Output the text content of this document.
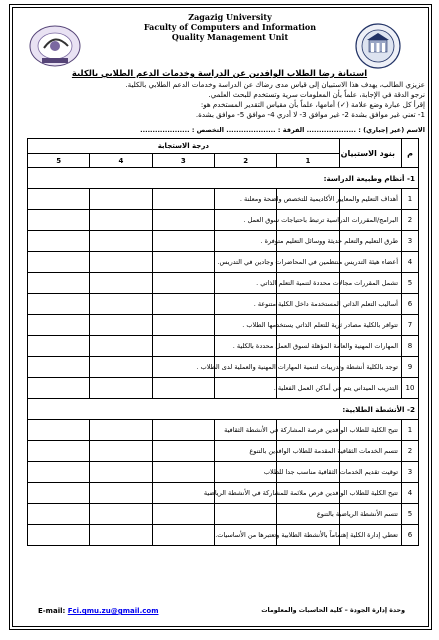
Zagazig University
Faculty of Computers and Information
Quality Management Unit
استبانة رضا الطلاب الوافدين عن الدراسة وخدمات الدعم الطلابي بالكلية
عزيزي الطالب، يهدف هذا الاستبيان إلى قياس مدى رضاك عن الدراسة وخدمات الدعم الطلابي بالكلية.
نرجو الدقة في الإجابة، علماً بأن المعلومات سرية وتستخدم للبحث العلمي.
إقرأ كل عبارة وضع علامة (✓) أمامها، علماً بأن مقياس التقدير المستخدم هو:
1- تعني غير موافق بشدة 2- غير موافق 3- لا أدري 4- موافق 5- موافق بشدة.
الاسم (غير إجباري) : .................... الفرقة : .................... التخصص : ....................
درجة الاستجابة					بنود الاستبيان	م
5	4	3	2	1		
1- أنظام وطبيعة الدراسة:						
					أهداف التعليم والمعايير الأكاديمية للتخصص واضحة ومعلنة .	1
					البرامج/المقررات الدراسية ترتبط باحتياجات سوق العمل .	2
					طرق التعليم والتعلم حديثة ووسائل التعليم متوفرة .	3
					أعضاء هيئة التدريس منتظمين في المحاضرات وجادين في التدريس.	4
					تشمل المقررات مجالات محددة لتنمية التعلم الذاتي .	5
					أساليب التعلم الذاتي المستخدمة داخل الكلية متنوعة .	6
					تتوافر بالكلية مصادر ثرية للتعلم الذاتي يستخدمها الطلاب .	7
					المهارات المهنية والعامة المؤهلة لسوق العمل محددة بالكلية .	8
					توجد بالكلية أنشطة وتدريبات لتنمية المهارات المهنية والعملية لدى الطلاب .	9
					التدريب الميداني يتم في أماكن العمل الفعلية .	10
2- الأنشطة الطلابية:						
					تتيح الكلية للطلاب الوافدين فرصة المشاركة في الأنشطة الثقافية	1
					تتسم الخدمات الثقافية المقدمة للطلاب الوافدين بالتنوع	2
					توقيت تقديم الخدمات الثقافية مناسب جدا للطلاب	3
					تتيح الكلية للطلاب الوافدين فرص ملائمة للمشاركة في الأنشطة الرياضية	4
					تتسم الأنشطة الرياضية بالتنوع	5
					تعطي إدارة الكلية إهتماماً بالأنشطة الطلابية وتعتبرها من الأساسيات.	6
E-mail: Fci.qmu.zu@gmail.com	وحدة إدارة الجودة – كلية الحاسبات والمعلومات
